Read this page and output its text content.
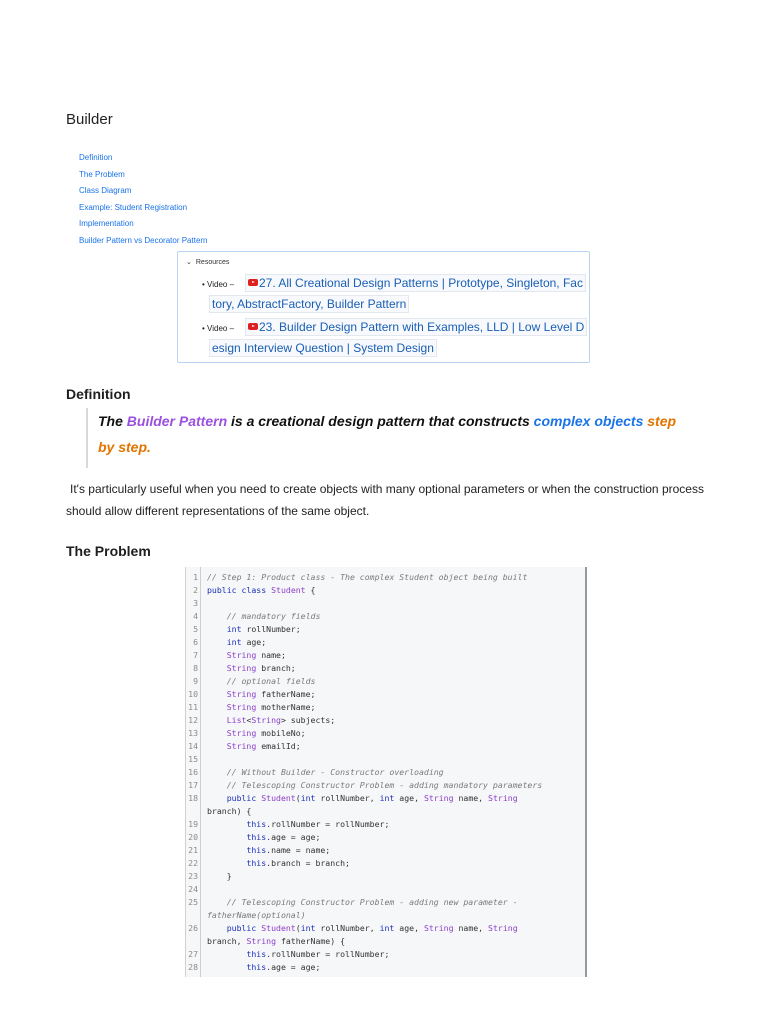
Builder
Definition
The Problem
Class Diagram
Example: Student Registration
Implementation
Builder Pattern vs Decorator Pattern
⌄ Resources
• Video –	27. All Creational Design Patterns | Prototype, Singleton, Fac
tory, AbstractFactory, Builder Pattern
• Video –	23. Builder Design Pattern with Examples, LLD | Low Level D
esign Interview Question | System Design
Definition
The Builder Pattern is a creational design pattern that constructs complex objects step
by step.
It's particularly useful when you need to create objects with many optional parameters or when the construction process should allow different representations of the same object.
The Problem
1 // Step 1: Product class - The complex Student object being built
2 public class Student {
3
4 // mandatory fields
5	int rollNumber;
6	int age;
7	String name;
8	String branch;
9 // optional fields
10	String fatherName;
11	String motherName;
12	List<String> subjects;
13	String mobileNo;
14	String emailId;
15
16 // Without Builder - Constructor overloading
17 // Telescoping Constructor Problem - adding mandatory parameters
18	public Student(int rollNumber, int age, String name, String
branch) {
19	this.rollNumber = rollNumber;
20	this.age = age;
21	this.name = name;
22	this.branch = branch;
23 }
24
25 // Telescoping Constructor Problem - adding new parameter -
fatherName(optional)
26	public Student(int rollNumber, int age, String name, String
branch, String fatherName) {
27	this.rollNumber = rollNumber;
28	this.age = age;
